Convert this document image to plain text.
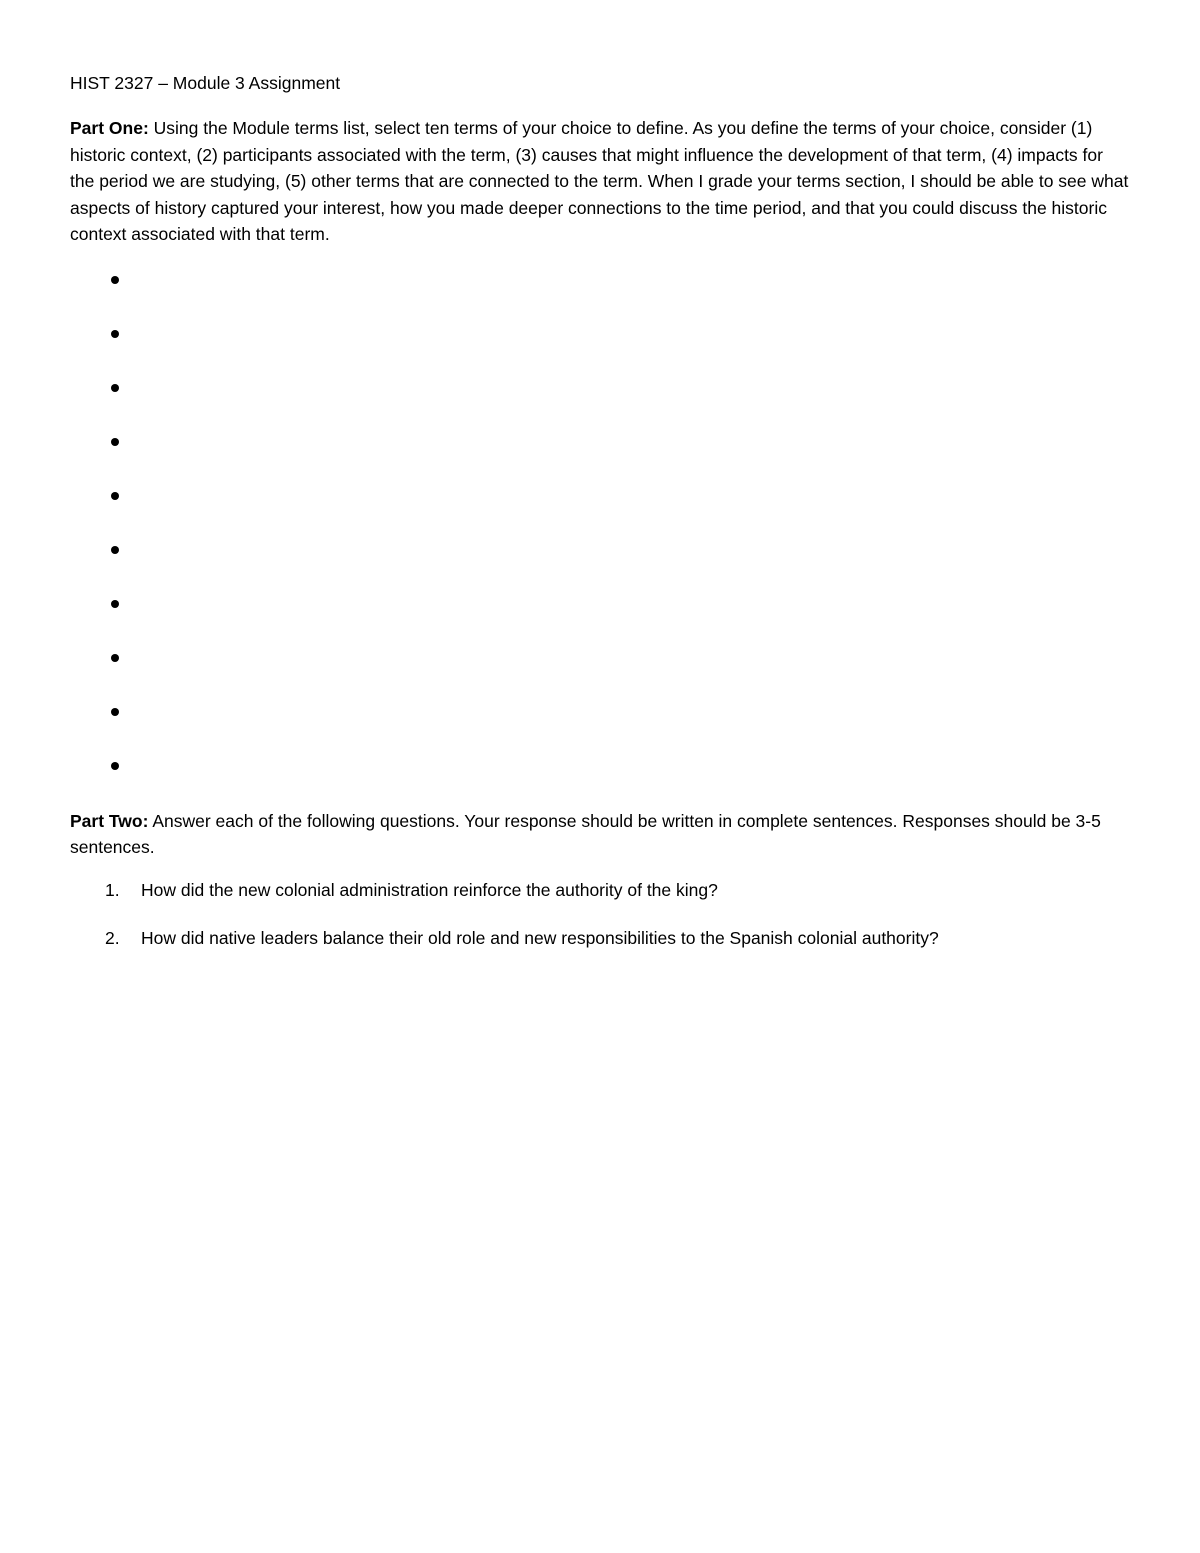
HIST 2327 – Module 3 Assignment

Part One: Using the Module terms list, select ten terms of your choice to define. As you define the terms of your choice, consider (1) historic context, (2) participants associated with the term, (3) causes that might influence the development of that term, (4) impacts for the period we are studying, (5) other terms that are connected to the term. When I grade your terms section, I should be able to see what aspects of history captured your interest, how you made deeper connections to the time period, and that you could discuss the historic context associated with that term.

Part Two: Answer each of the following questions. Your response should be written in complete sentences. Responses should be 3-5 sentences.

1. How did the new colonial administration reinforce the authority of the king?
2. How did native leaders balance their old role and new responsibilities to the Spanish colonial authority?
